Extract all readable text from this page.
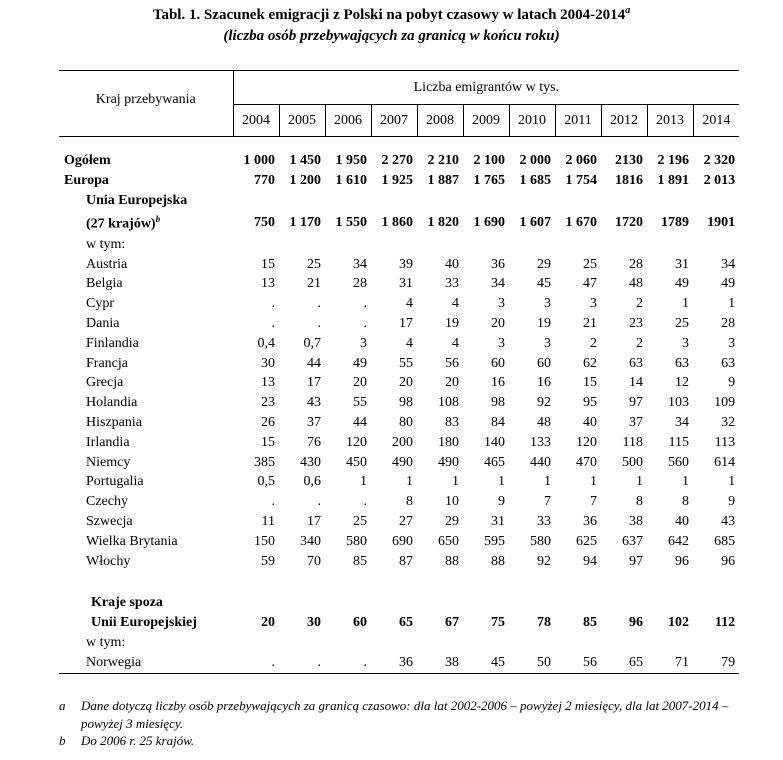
Tabl. 1. Szacunek emigracji z Polski na pobyt czasowy w latach 2004-2014$^a$
(liczba osób przebywających za granicą w końcu roku)
Kraj przebywania	Liczba emigrantów w tys.										
	2004	2005	2006	2007	2008	2009	2010	2011	2012	2013	2014

Ogółem	1 000	1 450	1 950	2 270	2 210	2 100	2 000	2 060	2130	2 196	2 320
Europa	770	1 200	1 610	1 925	1 887	1 765	1 685	1 754	1816	1 891	2 013
Unia Europejska											
(27 krajów)$^b$	750	1 170	1 550	1 860	1 820	1 690	1 607	1 670	1720	1789	1901
w tym:											
Austria	15	25	34	39	40	36	29	25	28	31	34
Belgia	13	21	28	31	33	34	45	47	48	49	49
Cypr	.	.	.	4	4	3	3	3	2	1	1
Dania	.	.	.	17	19	20	19	21	23	25	28
Finlandia	0,4	0,7	3	4	4	3	3	2	2	3	3
Francja	30	44	49	55	56	60	60	62	63	63	63
Grecja	13	17	20	20	20	16	16	15	14	12	9
Holandia	23	43	55	98	108	98	92	95	97	103	109
Hiszpania	26	37	44	80	83	84	48	40	37	34	32
Irlandia	15	76	120	200	180	140	133	120	118	115	113
Niemcy	385	430	450	490	490	465	440	470	500	560	614
Portugalia	0,5	0,6	1	1	1	1	1	1	1	1	1
Czechy	.	.	.	8	10	9	7	7	8	8	9
Szwecja	11	17	25	27	29	31	33	36	38	40	43
Wielka Brytania	150	340	580	690	650	595	580	625	637	642	685
Włochy	59	70	85	87	88	88	92	94	97	96	96

Kraje spoza											
Unii Europejskiej	20	30	60	65	67	75	78	85	96	102	112
w tym:											
Norwegia	.	.	.	36	38	45	50	56	65	71	79
a	Dane dotyczą liczby osób przebywających za granicą czasowo: dla lat 2002-2006 – powyżej 2 miesięcy, dla lat 2007-2014 – powyżej 3 miesięcy.
b	Do 2006 r. 25 krajów.
